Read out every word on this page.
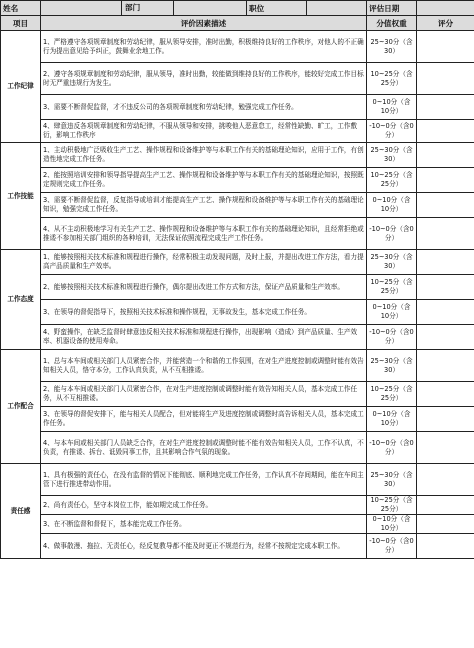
姓名	部门	职位		评估日期	
项目	评价因素描述			分值权重	评分
工作纪律	1、严格遵守各项规章制度和劳动纪律，服从领导安排，准时出勤，积极维持良好的工作秩序，对他人的不正确行为提出意见给予纠正，鼓舞业余地工作。			25~30分（含30）	
	2、遵守各项规章制度和劳动纪律，服从领导，准时出勤，较能做到维持良好的工作秩序，能较好完成工作目标时无严重违规行为发生。			10~25分（含25分）	
	3、需要不断督促监督，才不违反公司的各项规章制度和劳动纪律，勉强完成工作任务。			0~10分（含10分）	
	4、肆意违反各项规章制度和劳动纪律，不服从领导和安排，挑唆他人恶意怠工，经常性缺勤、旷工，工作敷衍，影响工作秩序			-10~0分（含0分）	
工作技能	1、主动积极地广泛吸收生产工艺、操作规程和设备维护等与本职工作有关的基础理论知识，应用于工作，有创造性地完成工作任务。			25~30分（含30）	
	2、能按照培训安排和领导指导提高生产工艺、操作规程和设备维护等与本职工作有关的基础理论知识，按照既定规则完成工作任务。			10~25分（含25分）	
	3、需要不断督促监督，反复指导或培训才能提高生产工艺、操作规程和设备维护等与本职工作有关的基础理论知识，勉强完成工作任务。			0~10分（含10分）	
	4、从不主动积极地学习有关生产工艺、操作规程和设备维护等与本职工作有关的基础理论知识，且经常拒绝或推诿不参加相关部门组织的各种培训，无法保证依照流程完成生产工作任务。			-10~0分（含0分）	
工作态度	1、能够按照相关技术标准和规程进行操作，经常积极主动发现问题，及时上报，并提出改进工作方法，看力提高产品质量和生产效率。			25~30分（含30）	
	2、能够按照相关技术标准和规程进行操作，偶尔提出改进工作方式和方法，保证产品质量和生产效率。			10~25分（含25分）	
	3、在领导的督促指导下，按照相关技术标准和操作规程，无事故发生，基本完成工作任务。			0~10分（含10分）	
	4、野蛮操作，在缺乏监督时肆意违反相关技术标准和规程进行操作，出现影响（造成）到产品质量、生产效率、机器设备的使用寿命。			-10~0分（含0分）	
工作配合	1、总与本车间或相关部门人员紧密合作，并能营造一个和谐的工作氛围，在对生产进度控制或调整时能有效告知相关人员，恪守本分，工作认真负责，从不互相推诿。			25~30分（含30）	
	2、能与本车间或相关部门人员紧密合作，在对生产进度控制或调整时能有效告知相关人员，基本完成工作任务，从不互相推诿。			10~25分（含25分）	
	3、在领导的督促安排下，能与相关人员配合，但对能将生产及进度控制或调整时高告诉相关人员，基本完成工作任务。			0~10分（含10分）	
	4、与本车间或相关部门人员缺乏合作，在对生产进度控制或调整时能不能有效告知相关人员，工作不认真，不负责，有推诿、拆台、诋毁同事工作，且其影响合作气氛的现象。			-10~0分（含0分）	
责任感	1、具有极强的责任心，在没有监督的情况下能彻底、顺利地完成工作任务，工作认真不存间期间，能在车间主管下进行推进带动作用。			25~30分（含30）	
	2、尚有责任心，坚守本岗位工作，能如期完成工作任务。			10~25分（含25分）	
	3、在不断监督和督促下，基本能完成工作任务。			0~10分（含10分）	
	4、做事散漫、拖拉、无责任心，经反复教导都不能及时更正不规范行为，经常不按规定完成本职工作。			-10~0分（含0分）	
